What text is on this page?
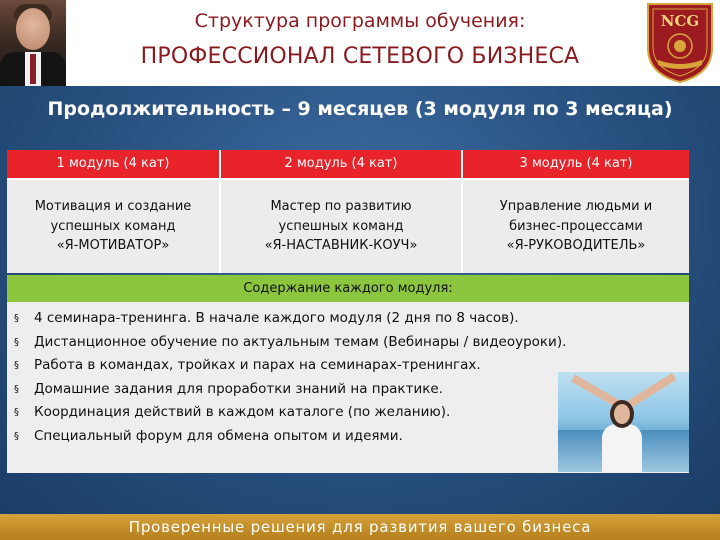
Структура программы обучения:
ПРОФЕССИОНАЛ СЕТЕВОГО БИЗНЕСА
NCG
Продолжительность – 9 месяцев (3 модуля по 3 месяца)
1 модуль (4 кат)	2 модуль (4 кат)	3 модуль (4 кат)
Мотивация и создание
успешных команд
«Я-МОТИВАТОР»
Мастер по развитию
успешных команд
«Я-НАСТАВНИК-КОУЧ»
Управление людьми и
бизнес-процессами
«Я-РУКОВОДИТЕЛЬ»
Содержание каждого модуля:
§ 4 семинара-тренинга. В начале каждого модуля (2 дня по 8 часов).
§ Дистанционное обучение по актуальным темам (Вебинары / видеоуроки).
§ Работа в командах, тройках и парах на семинарах-тренингах.
§ Домашние задания для проработки знаний на практике.
§ Координация действий в каждом каталоге (по желанию).
§ Специальный форум для обмена опытом и идеями.
Проверенные решения для развития вашего бизнеса
